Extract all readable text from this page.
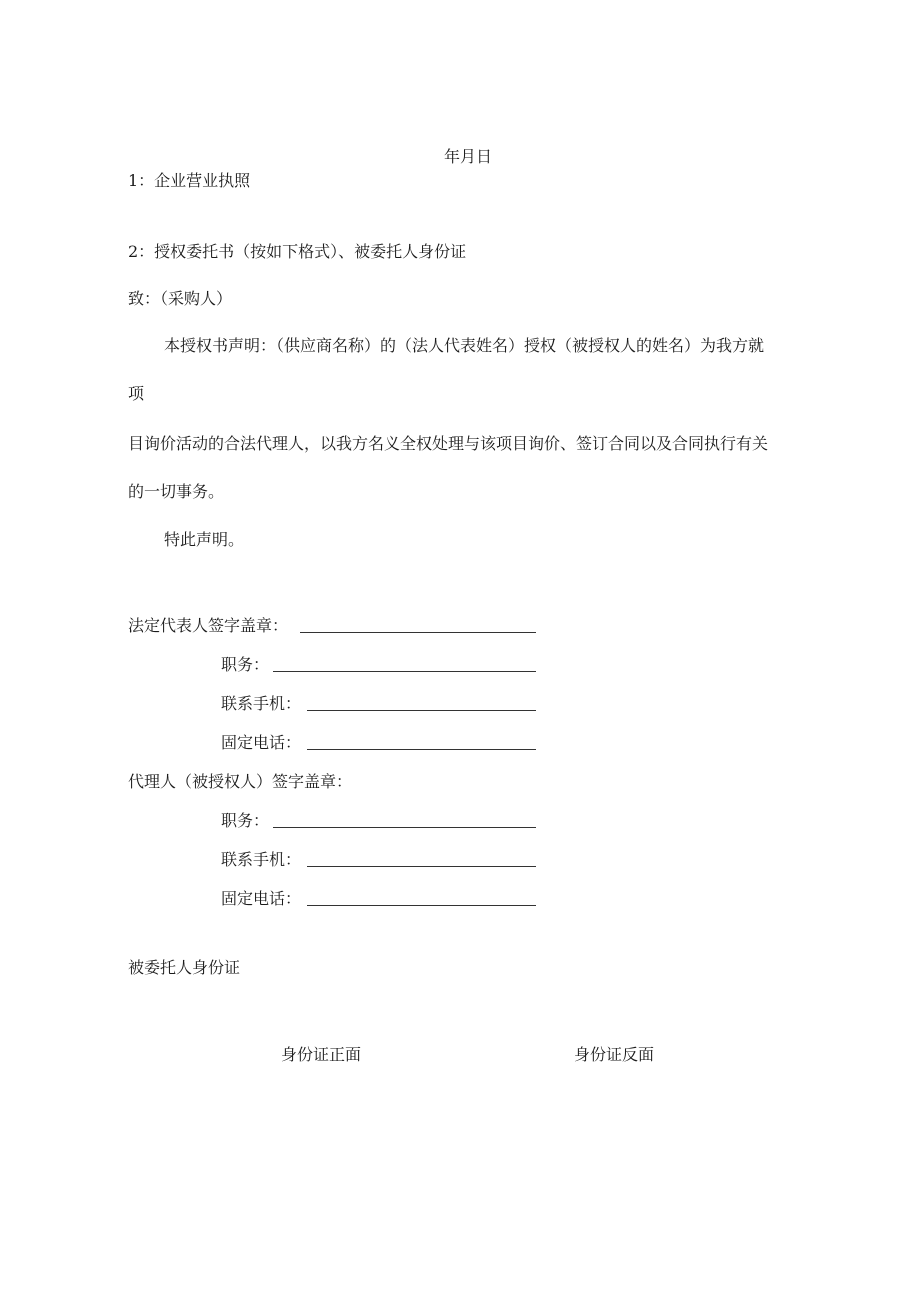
年月日
1：企业营业执照
2：授权委托书（按如下格式）、被委托人身份证
致：（采购人）
本授权书声明：（供应商名称）的（法人代表姓名）授权（被授权人的姓名）为我方就
项
目询价活动的合法代理人，以我方名义全权处理与该项目询价、签订合同以及合同执行有关
的一切事务。
特此声明。
法定代表人签字盖章：
职务：
联系手机：
固定电话：
代理人（被授权人）签字盖章：
职务：
联系手机：
固定电话：
被委托人身份证
身份证正面	身份证反面
